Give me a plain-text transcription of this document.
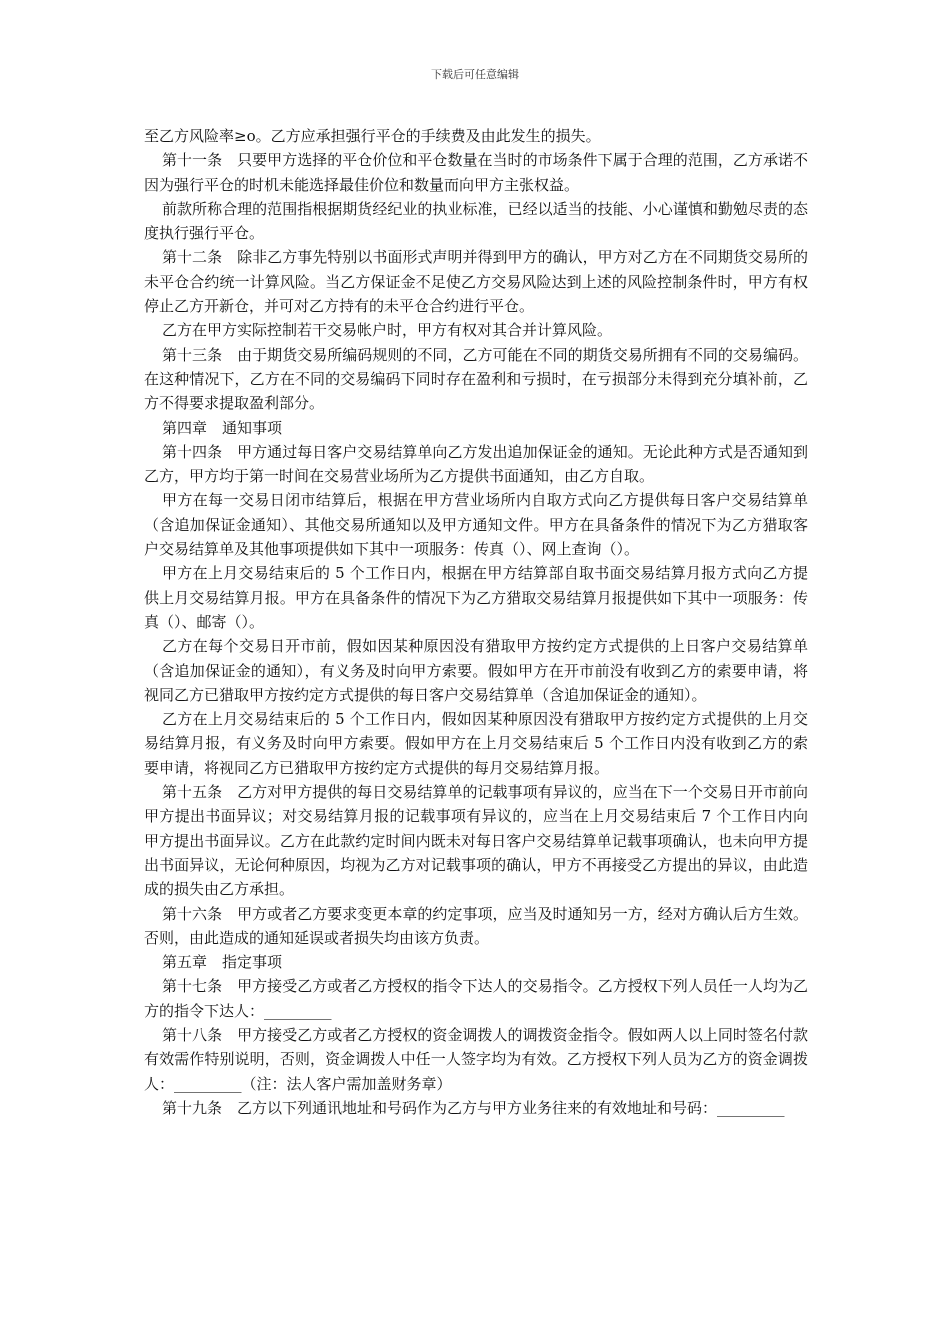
下载后可任意编辑

至乙方风险率≥o。乙方应承担强行平仓的手续费及由此发生的损失。

第十一条　只要甲方选择的平仓价位和平仓数量在当时的市场条件下属于合理的范围，乙方承诺不因为强行平仓的时机未能选择最佳价位和数量而向甲方主张权益。

前款所称合理的范围指根据期货经纪业的执业标准，已经以适当的技能、小心谨慎和勤勉尽责的态度执行强行平仓。

第十二条　除非乙方事先特别以书面形式声明并得到甲方的确认，甲方对乙方在不同期货交易所的未平仓合约统一计算风险。当乙方保证金不足使乙方交易风险达到上述的风险控制条件时，甲方有权停止乙方开新仓，并可对乙方持有的未平仓合约进行平仓。

乙方在甲方实际控制若干交易帐户时，甲方有权对其合并计算风险。

第十三条　由于期货交易所编码规则的不同，乙方可能在不同的期货交易所拥有不同的交易编码。在这种情况下，乙方在不同的交易编码下同时存在盈利和亏损时，在亏损部分未得到充分填补前，乙方不得要求提取盈利部分。

第四章　通知事项

第十四条　甲方通过每日客户交易结算单向乙方发出追加保证金的通知。无论此种方式是否通知到乙方，甲方均于第一时间在交易营业场所为乙方提供书面通知，由乙方自取。

甲方在每一交易日闭市结算后，根据在甲方营业场所内自取方式向乙方提供每日客户交易结算单（含追加保证金通知）、其他交易所通知以及甲方通知文件。甲方在具备条件的情况下为乙方猎取客户交易结算单及其他事项提供如下其中一项服务：传真（）、网上查询（）。

甲方在上月交易结束后的 5 个工作日内，根据在甲方结算部自取书面交易结算月报方式向乙方提供上月交易结算月报。甲方在具备条件的情况下为乙方猎取交易结算月报提供如下其中一项服务：传真（）、邮寄（）。

乙方在每个交易日开市前，假如因某种原因没有猎取甲方按约定方式提供的上日客户交易结算单（含追加保证金的通知），有义务及时向甲方索要。假如甲方在开市前没有收到乙方的索要申请，将视同乙方已猎取甲方按约定方式提供的每日客户交易结算单（含追加保证金的通知）。

乙方在上月交易结束后的 5 个工作日内，假如因某种原因没有猎取甲方按约定方式提供的上月交易结算月报，有义务及时向甲方索要。假如甲方在上月交易结束后 5 个工作日内没有收到乙方的索要申请，将视同乙方已猎取甲方按约定方式提供的每月交易结算月报。

第十五条　乙方对甲方提供的每日交易结算单的记载事项有异议的，应当在下一个交易日开市前向甲方提出书面异议；对交易结算月报的记载事项有异议的，应当在上月交易结束后 7 个工作日内向甲方提出书面异议。乙方在此款约定时间内既未对每日客户交易结算单记载事项确认，也未向甲方提出书面异议，无论何种原因，均视为乙方对记载事项的确认，甲方不再接受乙方提出的异议，由此造成的损失由乙方承担。

第十六条　甲方或者乙方要求变更本章的约定事项，应当及时通知另一方，经对方确认后方生效。否则，由此造成的通知延误或者损失均由该方负责。

第五章　指定事项

第十七条　甲方接受乙方或者乙方授权的指令下达人的交易指令。乙方授权下列人员任一人均为乙方的指令下达人：_________

第十八条　甲方接受乙方或者乙方授权的资金调拨人的调拨资金指令。假如两人以上同时签名付款有效需作特别说明，否则，资金调拨人中任一人签字均为有效。乙方授权下列人员为乙方的资金调拨人：_________（注：法人客户需加盖财务章）

第十九条　乙方以下列通讯地址和号码作为乙方与甲方业务往来的有效地址和号码：_________
